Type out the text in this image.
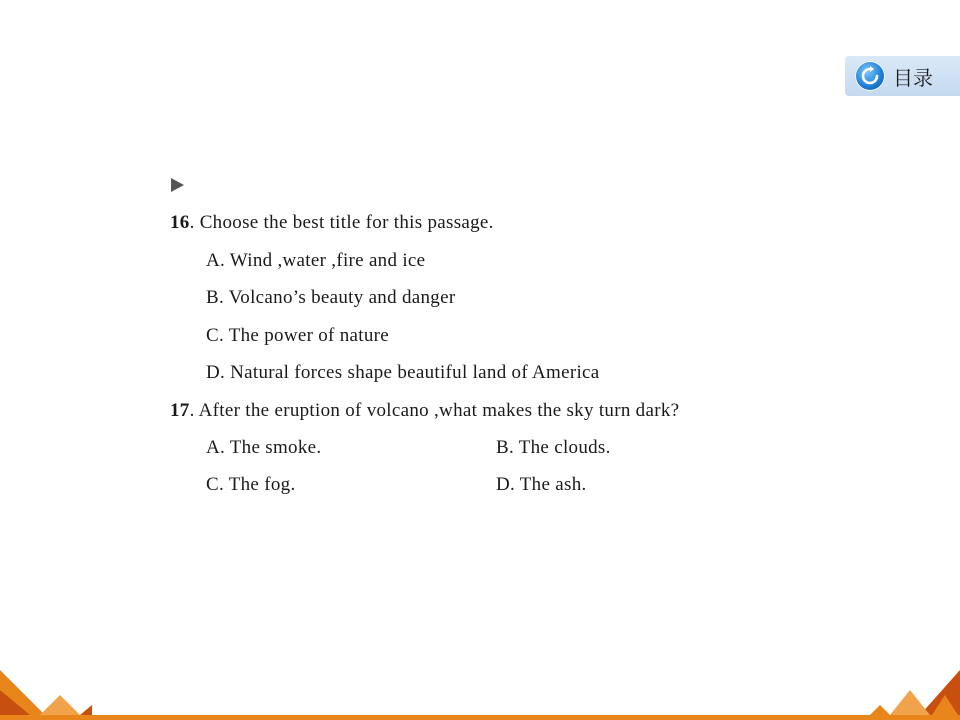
目录
16. Choose the best title for this passage.
A. Wind ,water ,fire and ice
B. Volcano’s beauty and danger
C. The power of nature
D. Natural forces shape beautiful land of America
17. After the eruption of volcano ,what makes the sky turn dark?
A. The smoke.	B. The clouds.
C. The fog.	D. The ash.
